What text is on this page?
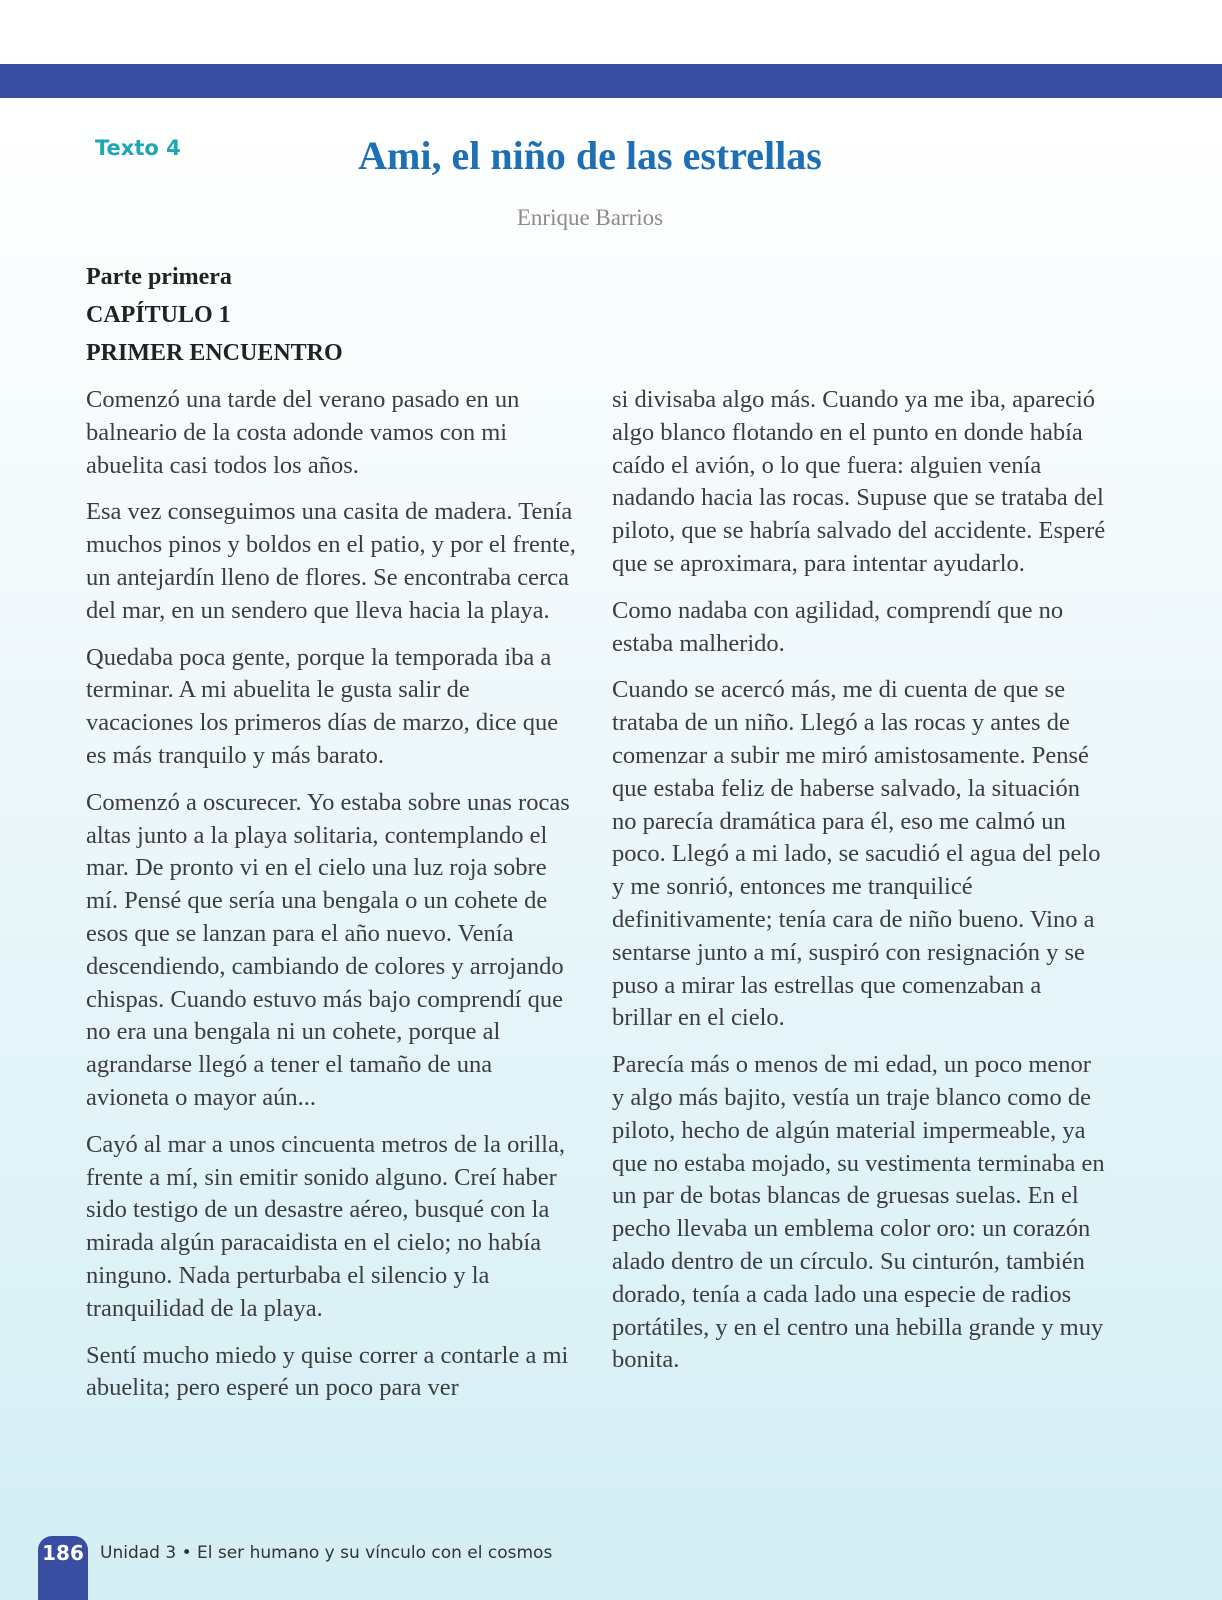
Texto 4	Ami, el niño de las estrellas
Enrique Barrios
Parte primera
CAPÍTULO 1
PRIMER ENCUENTRO

Comenzó una tarde del verano pasado en un balneario de la costa adonde vamos con mi abuelita casi todos los años.

Esa vez conseguimos una casita de madera. Tenía muchos pinos y boldos en el patio, y por el frente, un antejardín lleno de flores. Se encontraba cerca del mar, en un sendero que lleva hacia la playa.

Quedaba poca gente, porque la temporada iba a terminar. A mi abuelita le gusta salir de vacaciones los primeros días de marzo, dice que es más tranquilo y más barato.

Comenzó a oscurecer. Yo estaba sobre unas rocas altas junto a la playa solitaria, contemplando el mar. De pronto vi en el cielo una luz roja sobre mí. Pensé que sería una bengala o un cohete de esos que se lanzan para el año nuevo. Venía descendiendo, cambiando de colores y arrojando chispas. Cuando estuvo más bajo comprendí que no era una bengala ni un cohete, porque al agrandarse llegó a tener el tamaño de una avioneta o mayor aún...

Cayó al mar a unos cincuenta metros de la orilla, frente a mí, sin emitir sonido alguno. Creí haber sido testigo de un desastre aéreo, busqué con la mirada algún paracaidista en el cielo; no había ninguno. Nada perturbaba el silencio y la tranquilidad de la playa.

Sentí mucho miedo y quise correr a contarle a mi abuelita; pero esperé un poco para ver

si divisaba algo más. Cuando ya me iba, apareció algo blanco flotando en el punto en donde había caído el avión, o lo que fuera: alguien venía nadando hacia las rocas. Supuse que se trataba del piloto, que se habría salvado del accidente. Esperé que se aproximara, para intentar ayudarlo.

Como nadaba con agilidad, comprendí que no estaba malherido.

Cuando se acercó más, me di cuenta de que se trataba de un niño. Llegó a las rocas y antes de comenzar a subir me miró amistosamente. Pensé que estaba feliz de haberse salvado, la situación no parecía dramática para él, eso me calmó un poco. Llegó a mi lado, se sacudió el agua del pelo y me sonrió, entonces me tranquilicé definitivamente; tenía cara de niño bueno. Vino a sentarse junto a mí, suspiró con resignación y se puso a mirar las estrellas que comenzaban a brillar en el cielo.

Parecía más o menos de mi edad, un poco menor y algo más bajito, vestía un traje blanco como de piloto, hecho de algún material impermeable, ya que no estaba mojado, su vestimenta terminaba en un par de botas blancas de gruesas suelas. En el pecho llevaba un emblema color oro: un corazón alado dentro de un círculo. Su cinturón, también dorado, tenía a cada lado una especie de radios portátiles, y en el centro una hebilla grande y muy bonita.

186 Unidad 3 • El ser humano y su vínculo con el cosmos
